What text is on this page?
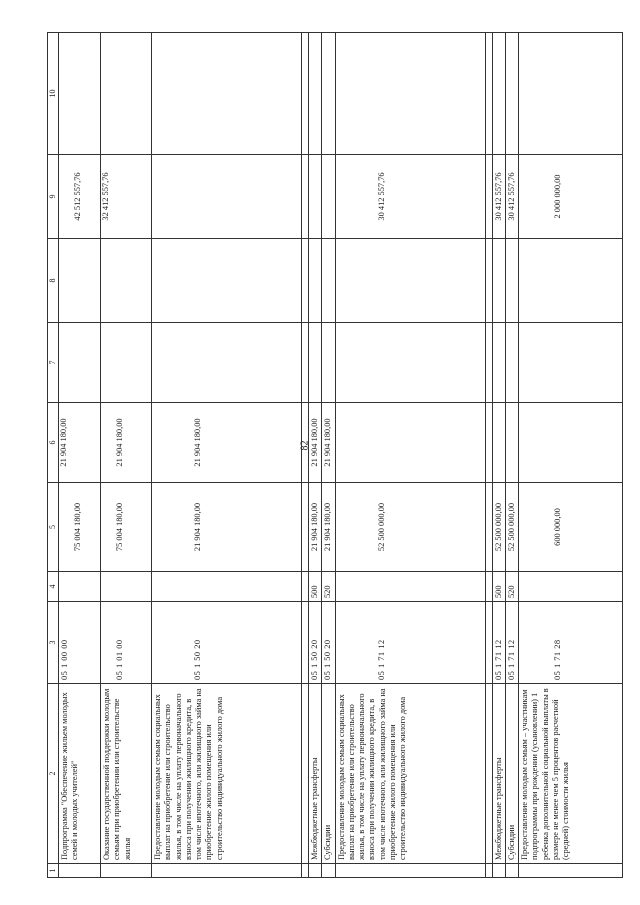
82
1	2	3	4	5	6	7	8	9	10
	Подпрограмма "Обеспечение жильем молодых семей и молодых учителей"	05 1 00 00		75 004 180,00	21 904 180,00			42 512 557,76	
	Оказание государственной поддержки молодым семьям при приобретении или строительстве жилья	05 1 01 00		75 004 180,00	21 904 180,00			32 412 557,76	
	Предоставление молодым семьям социальных выплат на приобретение или строительство жилья, в том числе на уплату первоначального взноса при получении жилищного кредита, в том числе ипотечного, или жилищного займа на приобретение жилого помещения или строительство индивидуального жилого дома	05 1 50 20		21 904 180,00	21 904 180,00				

	Межбюджетные трансферты	05 1 50 20	500	21 904 180,00	21 904 180,00				
	Субсидии	05 1 50 20	520	21 904 180,00	21 904 180,00				
	Предоставление молодым семьям социальных выплат на приобретение или строительство жилья, в том числе на уплату первоначального взноса при получении жилищного кредита, в том числе ипотечного, или жилищного займа на приобретение жилого помещения или строительство индивидуального жилого дома	05 1 71 12		52 500 000,00				30 412 557,76	

	Межбюджетные трансферты	05 1 71 12	500	52 500 000,00				30 412 557,76	
	Субсидии	05 1 71 12	520	52 500 000,00				30 412 557,76	
	Предоставление молодым семьям – участникам подпрограммы при рождении (усыновлении) 1 ребенка дополнительной социальной выплаты в размере не менее чем 5 процентов расчетной (средней) стоимости жилья	05 1 71 28		600 000,00				2 000 000,00	
